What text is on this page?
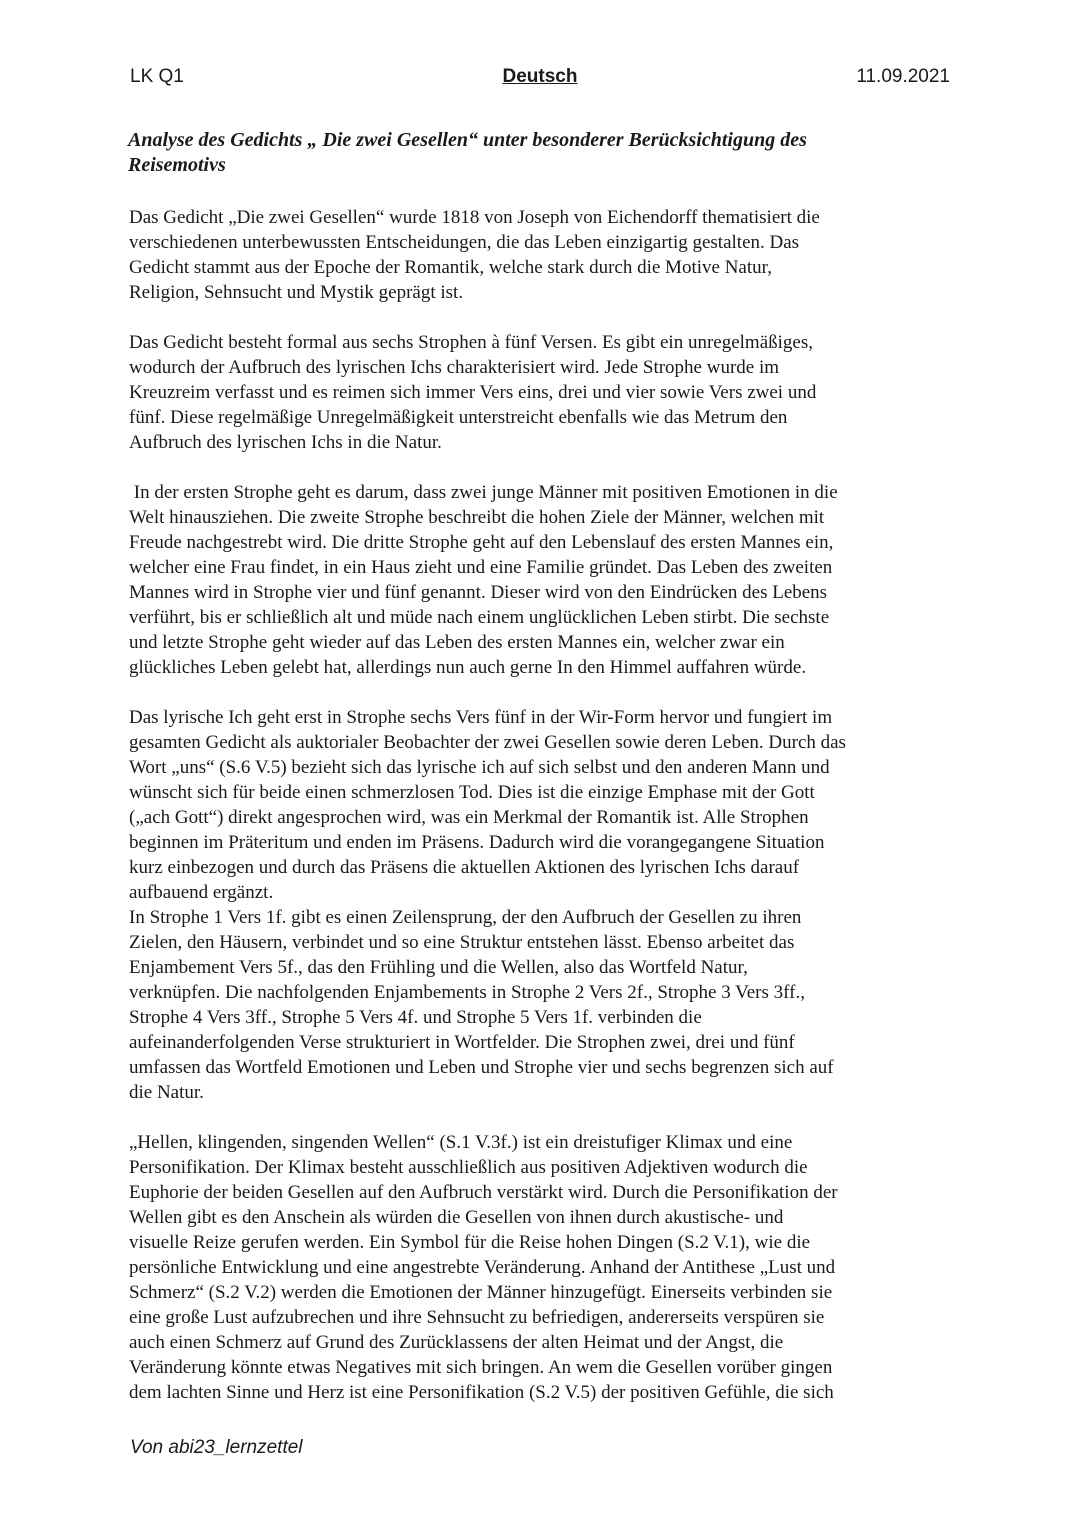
LK Q1	Deutsch	11.09.2021
Analyse des Gedichts „ Die zwei Gesellen“ unter besonderer Berücksichtigung des
Reisemotivs

Das Gedicht „Die zwei Gesellen“ wurde 1818 von Joseph von Eichendorff thematisiert die
verschiedenen unterbewussten Entscheidungen, die das Leben einzigartig gestalten. Das
Gedicht stammt aus der Epoche der Romantik, welche stark durch die Motive Natur,
Religion, Sehnsucht und Mystik geprägt ist.

Das Gedicht besteht formal aus sechs Strophen à fünf Versen. Es gibt ein unregelmäßiges,
wodurch der Aufbruch des lyrischen Ichs charakterisiert wird. Jede Strophe wurde im
Kreuzreim verfasst und es reimen sich immer Vers eins, drei und vier sowie Vers zwei und
fünf. Diese regelmäßige Unregelmäßigkeit unterstreicht ebenfalls wie das Metrum den
Aufbruch des lyrischen Ichs in die Natur.

In der ersten Strophe geht es darum, dass zwei junge Männer mit positiven Emotionen in die
Welt hinausziehen. Die zweite Strophe beschreibt die hohen Ziele der Männer, welchen mit
Freude nachgestrebt wird. Die dritte Strophe geht auf den Lebenslauf des ersten Mannes ein,
welcher eine Frau findet, in ein Haus zieht und eine Familie gründet. Das Leben des zweiten
Mannes wird in Strophe vier und fünf genannt. Dieser wird von den Eindrücken des Lebens
verführt, bis er schließlich alt und müde nach einem unglücklichen Leben stirbt. Die sechste
und letzte Strophe geht wieder auf das Leben des ersten Mannes ein, welcher zwar ein
glückliches Leben gelebt hat, allerdings nun auch gerne In den Himmel auffahren würde.

Das lyrische Ich geht erst in Strophe sechs Vers fünf in der Wir-Form hervor und fungiert im
gesamten Gedicht als auktorialer Beobachter der zwei Gesellen sowie deren Leben. Durch das
Wort „uns“ (S.6 V.5) bezieht sich das lyrische ich auf sich selbst und den anderen Mann und
wünscht sich für beide einen schmerzlosen Tod. Dies ist die einzige Emphase mit der Gott
(„ach Gott“) direkt angesprochen wird, was ein Merkmal der Romantik ist. Alle Strophen
beginnen im Präteritum und enden im Präsens. Dadurch wird die vorangegangene Situation
kurz einbezogen und durch das Präsens die aktuellen Aktionen des lyrischen Ichs darauf
aufbauend ergänzt.

In Strophe 1 Vers 1f. gibt es einen Zeilensprung, der den Aufbruch der Gesellen zu ihren
Zielen, den Häusern, verbindet und so eine Struktur entstehen lässt. Ebenso arbeitet das
Enjambement Vers 5f., das den Frühling und die Wellen, also das Wortfeld Natur,
verknüpfen. Die nachfolgenden Enjambements in Strophe 2 Vers 2f., Strophe 3 Vers 3ff.,
Strophe 4 Vers 3ff., Strophe 5 Vers 4f. und Strophe 5 Vers 1f. verbinden die
aufeinanderfolgenden Verse strukturiert in Wortfelder. Die Strophen zwei, drei und fünf
umfassen das Wortfeld Emotionen und Leben und Strophe vier und sechs begrenzen sich auf
die Natur.

„Hellen, klingenden, singenden Wellen“ (S.1 V.3f.) ist ein dreistufiger Klimax und eine
Personifikation. Der Klimax besteht ausschließlich aus positiven Adjektiven wodurch die
Euphorie der beiden Gesellen auf den Aufbruch verstärkt wird. Durch die Personifikation der
Wellen gibt es den Anschein als würden die Gesellen von ihnen durch akustische- und
visuelle Reize gerufen werden. Ein Symbol für die Reise hohen Dingen (S.2 V.1), wie die
persönliche Entwicklung und eine angestrebte Veränderung. Anhand der Antithese „Lust und
Schmerz“ (S.2 V.2) werden die Emotionen der Männer hinzugefügt. Einerseits verbinden sie
eine große Lust aufzubrechen und ihre Sehnsucht zu befriedigen, andererseits verspüren sie
auch einen Schmerz auf Grund des Zurücklassens der alten Heimat und der Angst, die
Veränderung könnte etwas Negatives mit sich bringen. An wem die Gesellen vorüber gingen
dem lachten Sinne und Herz ist eine Personifikation (S.2 V.5) der positiven Gefühle, die sich

Von abi23_lernzettel
